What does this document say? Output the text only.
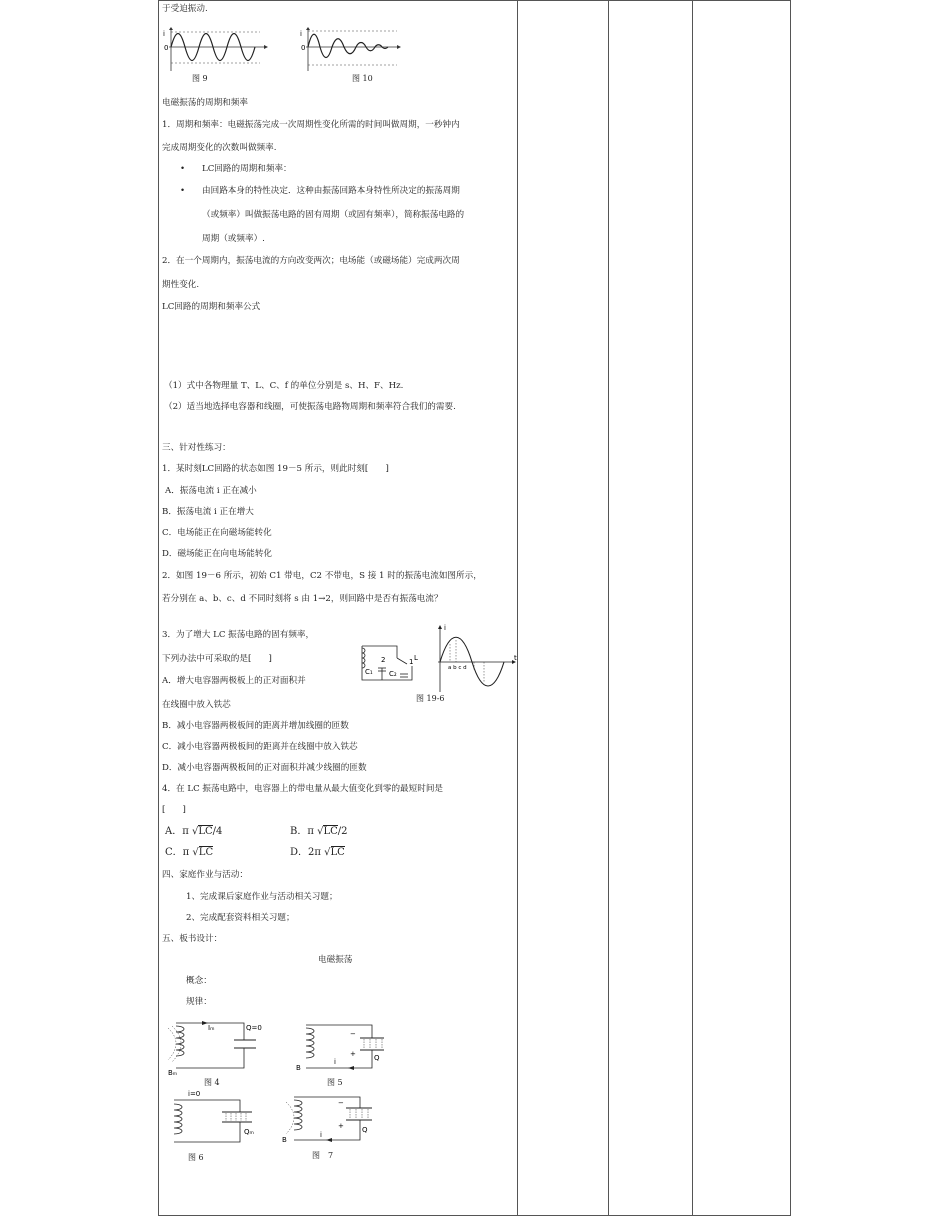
于受迫振动.
i
0
图 9
i
0
图 10
电磁振荡的周期和频率
1．周期和频率：电磁振荡完成一次周期性变化所需的时间叫做周期，一秒钟内
完成周期变化的次数叫做频率.
• LC回路的周期和频率：
• 由回路本身的特性决定．这种由振荡回路本身特性所决定的振荡周期
（或频率）叫做振荡电路的固有周期（或固有频率），简称振荡电路的
周期（或频率）.
2．在一个周期内，振荡电流的方向改变两次；电场能（或磁场能）完成两次周
期性变化.
LC回路的周期和频率公式
（1）式中各物理量 T、L、C、f 的单位分别是 s、H、F、Hz.
（2）适当地选择电容器和线圈，可使振荡电路物周期和频率符合我们的需要.
三、针对性练习：
1．某时刻LC回路的状态如图 19－5 所示，则此时刻[　　]
A．振荡电流 i 正在减小
B．振荡电流 i 正在增大
C．电场能正在向磁场能转化
D．磁场能正在向电场能转化
2．如图 19－6 所示，初始 C1 带电，C2 不带电，S 接 1 时的振荡电流如图所示，
若分别在 a、b、c、d 不同时刻将 s 由 1→2，则回路中是否有振荡电流？
3．为了增大 LC 振荡电路的固有频率，
下列办法中可采取的是[　　]
A．增大电容器两极板上的正对面积并
在线圈中放入铁芯
B．减小电容器两极板间的距离并增加线圈的匝数
C．减小电容器两极板间的距离并在线圈中放入铁芯
D．减小电容器两极板间的正对面积并减少线圈的匝数
2	1 L
C₁ C₂
i
t
a b c d
图 19-6
4．在 LC 振荡电路中，电容器上的带电量从最大值变化到零的最短时间是
[　　]
A．π √LC/4	B．π √LC/2
C．π √LC	D．2π √LC
四、家庭作业与活动：
1、完成课后家庭作业与活动相关习题；
2、完成配套资料相关习题；
五、板书设计：
电磁振荡
概念：
规律：
Q=0
Iₘ
Bₘ
图 4
−
+	Q
i
B
图 5
i=0
Qₘ
图 6
−
+	Q
i
B
图　7
